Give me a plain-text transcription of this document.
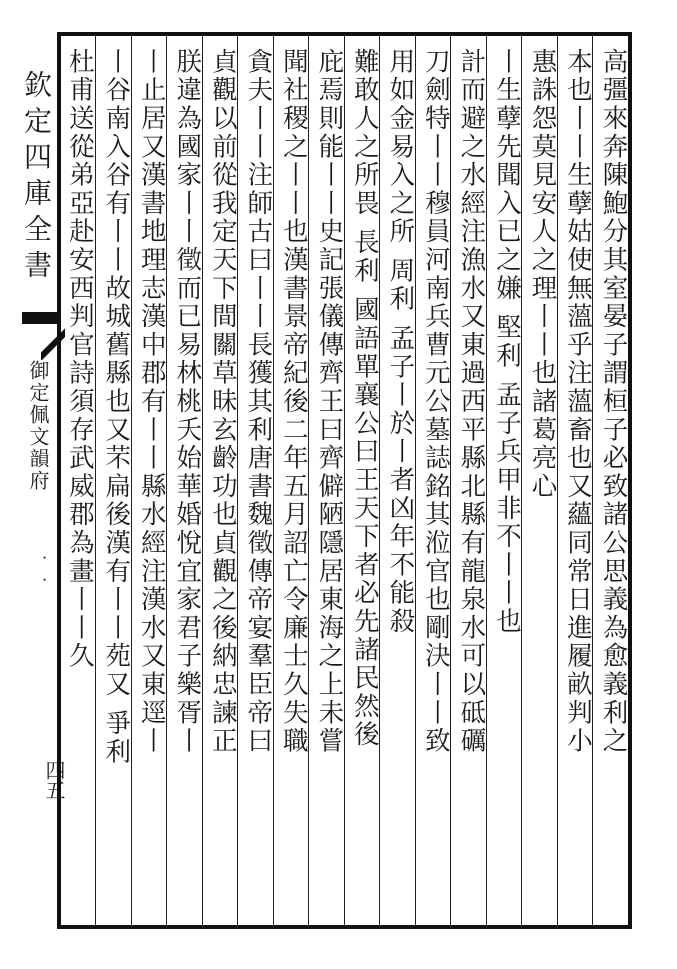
欽定四庫全書
御定佩文韻府
· ·
四五
高彊來奔陳鮑分其室晏子謂桓子必致諸公思義為愈義利之
本也丨丨生孽姑使無薀乎注薀畜也又蘊同常日進履畝判小
惠誅怨莫見安人之理丨丨也諸葛亮心
丨生孽先聞入已之嫌 堅利 孟子兵甲非不丨丨也
計而避之水經注漁水又東過西平縣北縣有龍泉水可以砥礪
刀劍特丨丨穆員河南兵曹元公墓誌銘其涖官也剛決丨丨致
用如金易入之所 周利 孟子丨於丨者凶年不能殺
難敢人之所畏 長利 國語單襄公曰王天下者必先諸民然後
庇焉則能丨丨史記張儀傳齊王曰齊僻陋隱居東海之上未嘗
聞社稷之丨丨也漢書景帝紀後二年五月詔亡令廉士久失職
貪夫丨丨注師古曰丨丨長獲其利唐書魏徵傳帝宴羣臣帝曰
貞觀以前從我定天下間關草昧玄齡功也貞觀之後納忠諫正
朕違為國家丨丨徵而已易林桃夭始華婚悅宜家君子樂胥丨
丨止居又漢書地理志漢中郡有丨丨縣水經注漢水又東逕丨
丨谷南入谷有丨丨故城舊縣也又芣扁後漢有丨丨苑又 爭利
杜甫送從弟亞赴安西判官詩須存武威郡為畫丨丨久
